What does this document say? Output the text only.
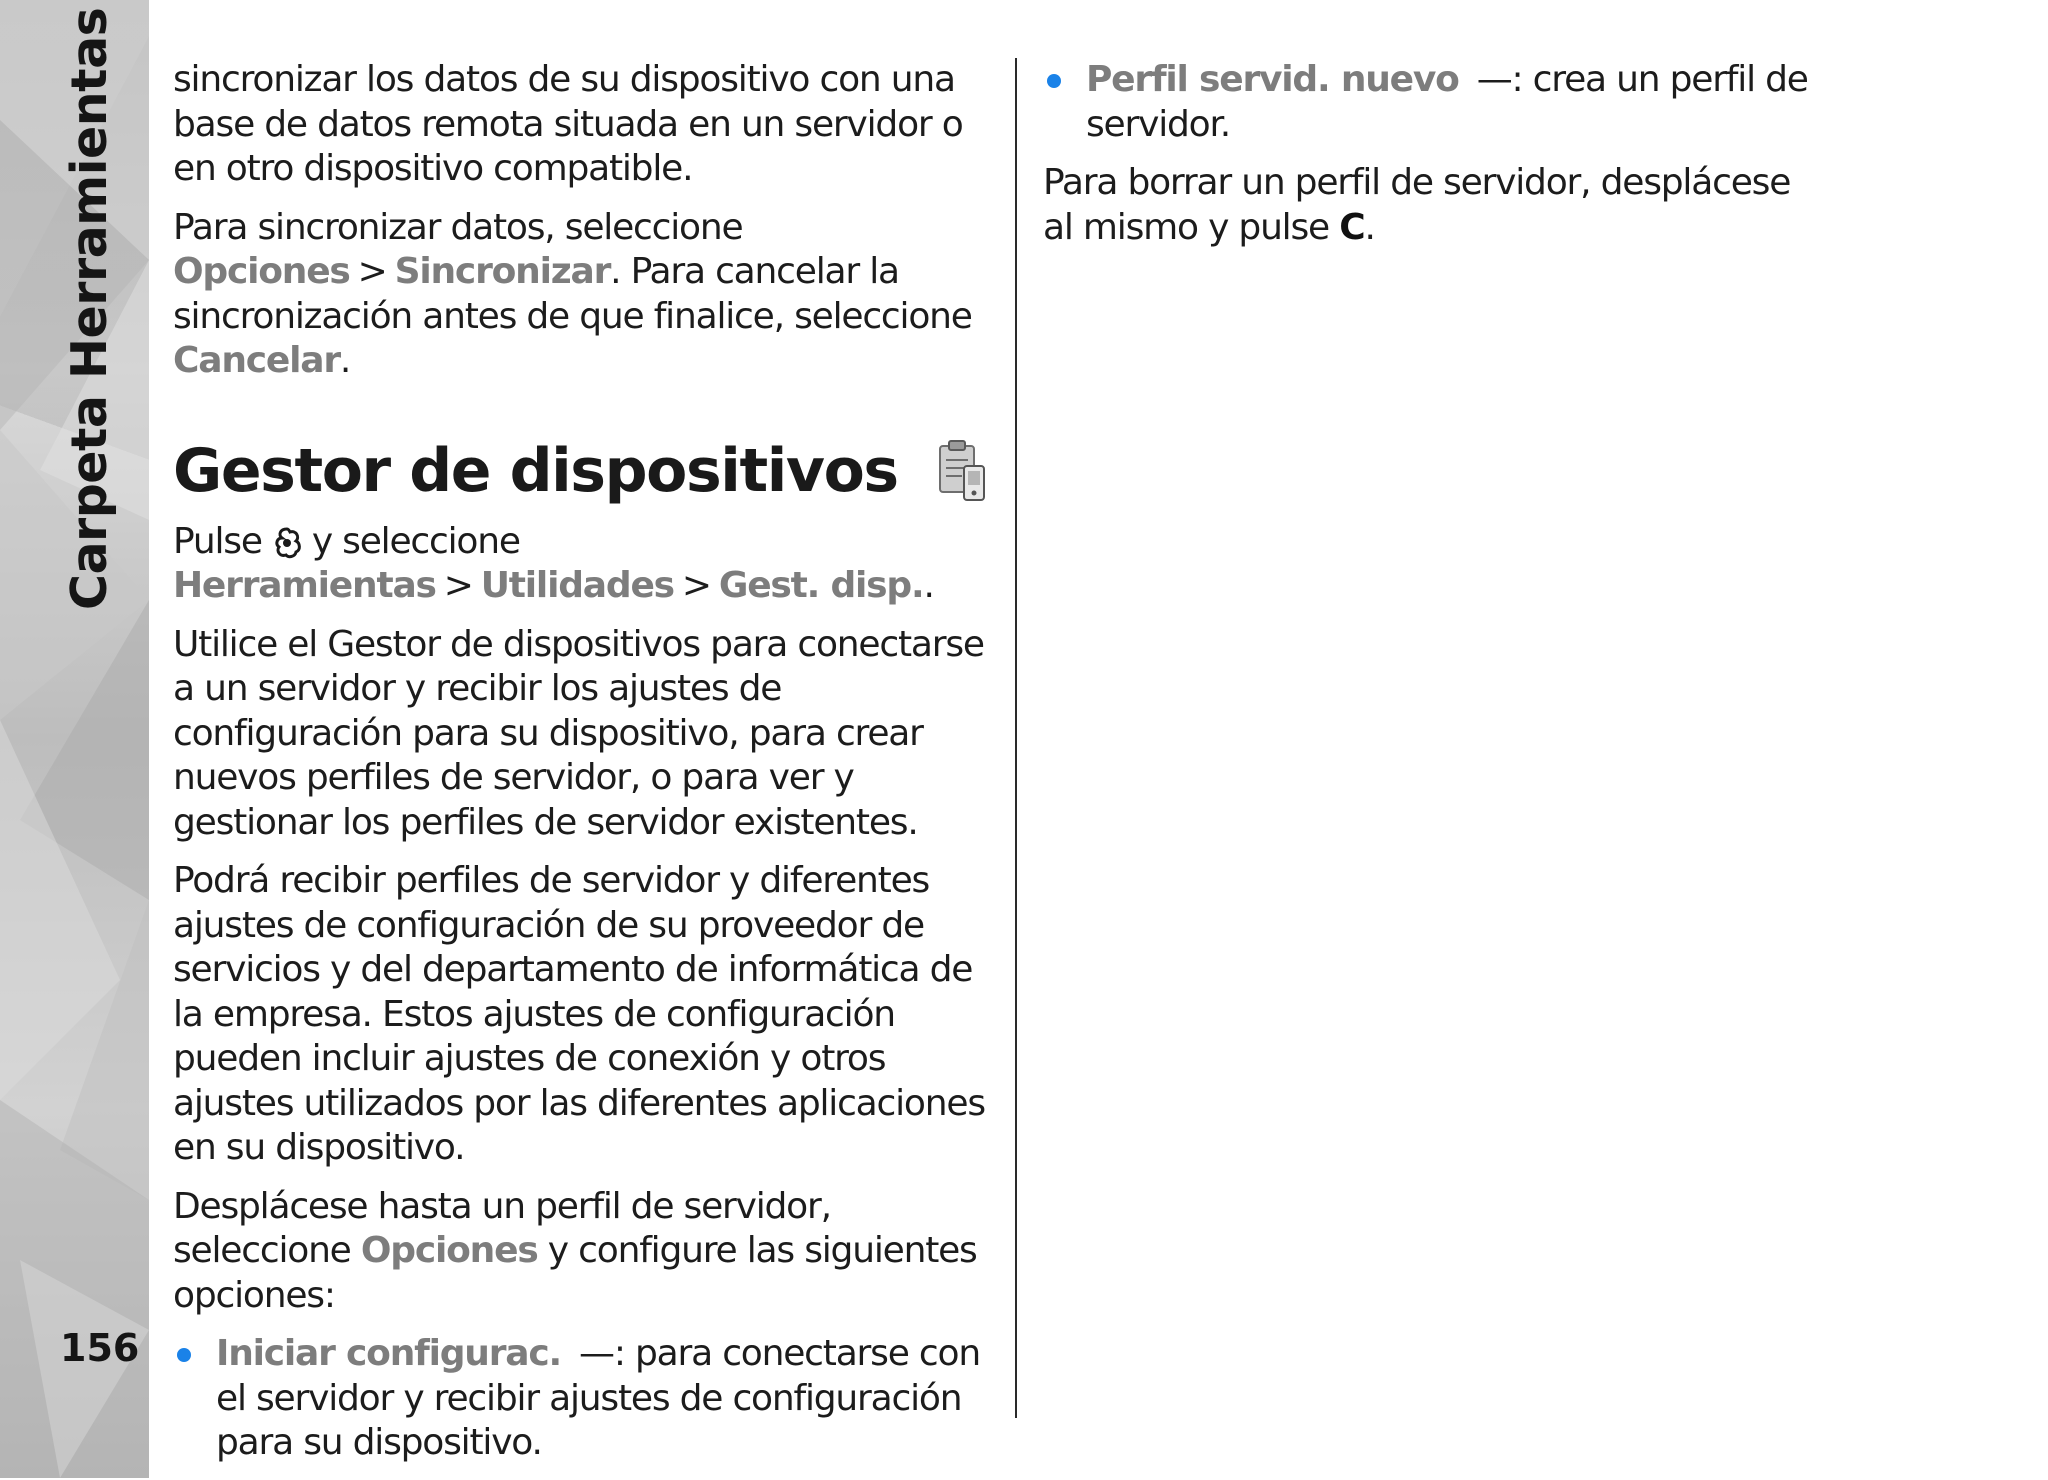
Carpeta Herramientas
156

sincronizar los datos de su dispositivo con una base de datos remota situada en un servidor o en otro dispositivo compatible.

Para sincronizar datos, seleccione Opciones > Sincronizar. Para cancelar la sincronización antes de que finalice, seleccione Cancelar.

Gestor de dispositivos

Pulse y seleccione Herramientas > Utilidades > Gest. disp..

Utilice el Gestor de dispositivos para conectarse a un servidor y recibir los ajustes de configuración para su dispositivo, para crear nuevos perfiles de servidor, o para ver y gestionar los perfiles de servidor existentes.

Podrá recibir perfiles de servidor y diferentes ajustes de configuración de su proveedor de servicios y del departamento de informática de la empresa. Estos ajustes de configuración pueden incluir ajustes de conexión y otros ajustes utilizados por las diferentes aplicaciones en su dispositivo.

Desplácese hasta un perfil de servidor, seleccione Opciones y configure las siguientes opciones:

Iniciar configurac. —: para conectarse con el servidor y recibir ajustes de configuración para su dispositivo.
Perfil servid. nuevo —: crea un perfil de servidor.

Para borrar un perfil de servidor, desplácese al mismo y pulse C.
